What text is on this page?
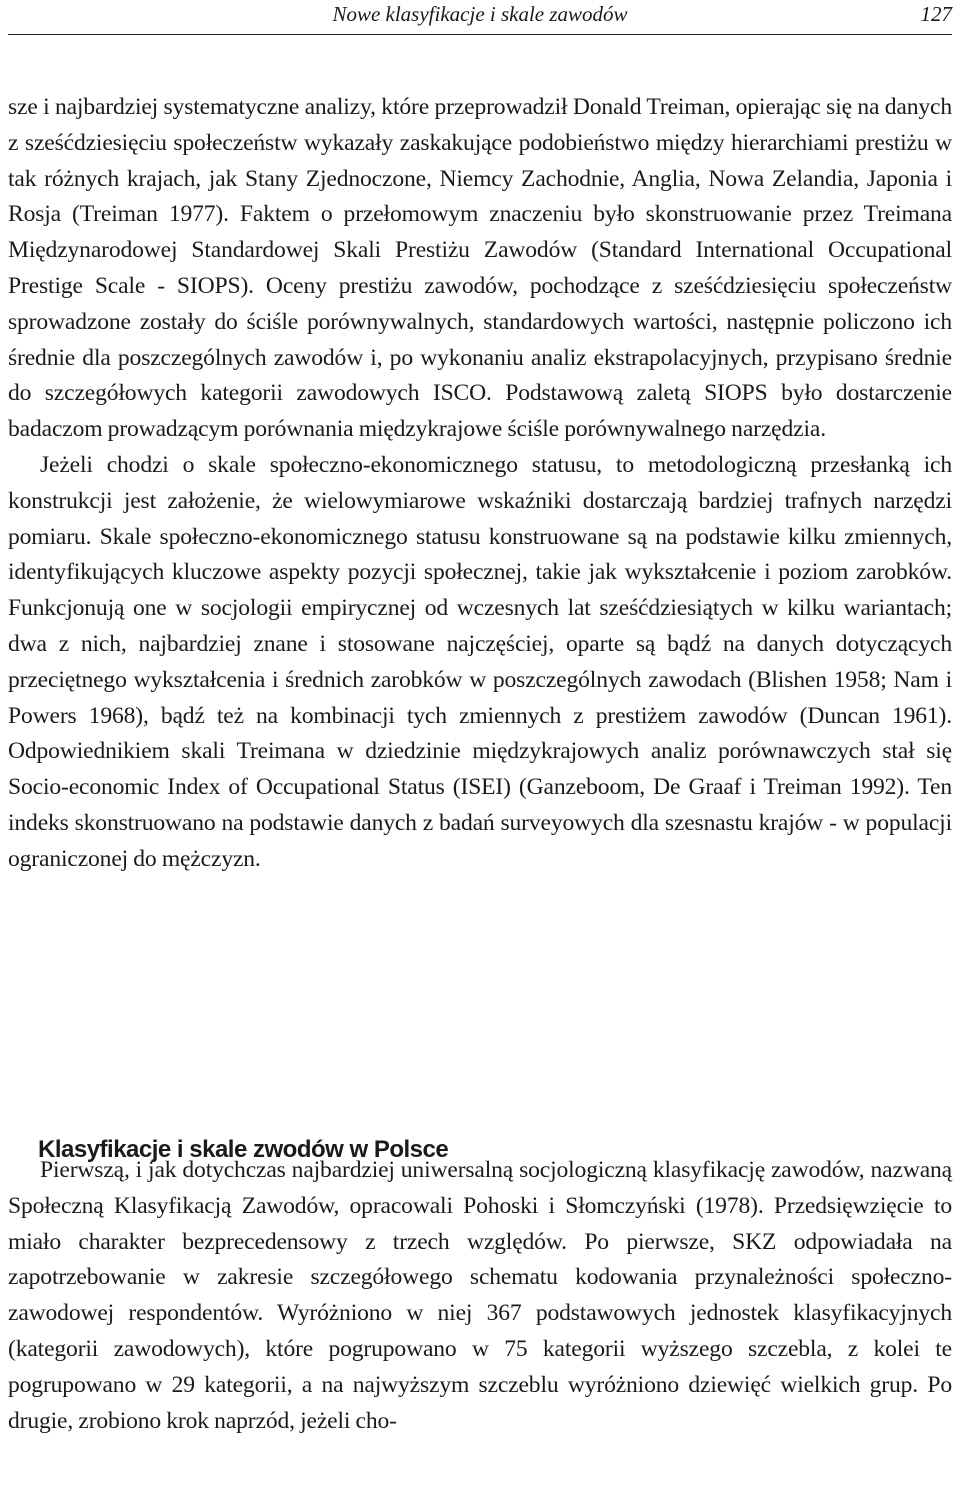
Nowe klasyfikacje i skale zawodów	127

sze i najbardziej systematyczne analizy, które przeprowadził Donald Treiman, opierając się na danych z sześćdziesięciu społeczeństw wykazały zaskakujące podobieństwo między hierarchiami prestiżu w tak różnych krajach, jak Stany Zjednoczone, Niemcy Zachodnie, Anglia, Nowa Zelandia, Japonia i Rosja (Treiman 1977). Faktem o przełomowym znaczeniu było skonstruowanie przez Treimana Międzynarodowej Standardowej Skali Prestiżu Zawodów (Standard International Occupational Prestige Scale - SIOPS). Oceny prestiżu zawodów, pochodzące z sześćdziesięciu społeczeństw sprowadzone zostały do ściśle porównywalnych, standardowych wartości, następnie policzono ich średnie dla poszczególnych zawodów i, po wykonaniu analiz ekstrapolacyjnych, przypisano średnie do szczegółowych kategorii zawodowych ISCO. Podstawową zaletą SIOPS było dostarczenie badaczom prowadzącym porównania międzykrajowe ściśle porównywalnego narzędzia.

Jeżeli chodzi o skale społeczno-ekonomicznego statusu, to metodologiczną przesłanką ich konstrukcji jest założenie, że wielowymiarowe wskaźniki dostarczają bardziej trafnych narzędzi pomiaru. Skale społeczno-ekonomicznego statusu konstruowane są na podstawie kilku zmiennych, identyfikujących kluczowe aspekty pozycji społecznej, takie jak wykształcenie i poziom zarobków. Funkcjonują one w socjologii empirycznej od wczesnych lat sześćdziesiątych w kilku wariantach; dwa z nich, najbardziej znane i stosowane najczęściej, oparte są bądź na danych dotyczących przeciętnego wykształcenia i średnich zarobków w poszczególnych zawodach (Blishen 1958; Nam i Powers 1968), bądź też na kombinacji tych zmiennych z prestiżem zawodów (Duncan 1961). Odpowiednikiem skali Treimana w dziedzinie międzykrajowych analiz porównawczych stał się Socio-economic Index of Occupational Status (ISEI) (Ganzeboom, De Graaf i Treiman 1992). Ten indeks skonstruowano na podstawie danych z badań surveyowych dla szesnastu krajów - w populacji ograniczonej do mężczyzn.

Klasyfikacje i skale zwodów w Polsce

Pierwszą, i jak dotychczas najbardziej uniwersalną socjologiczną klasyfikację zawodów, nazwaną Społeczną Klasyfikacją Zawodów, opracowali Pohoski i Słomczyński (1978). Przedsięwzięcie to miało charakter bezprecedensowy z trzech względów. Po pierwsze, SKZ odpowiadała na zapotrzebowanie w zakresie szczegółowego schematu kodowania przynależności społeczno-zawodowej respondentów. Wyróżniono w niej 367 podstawowych jednostek klasyfikacyjnych (kategorii zawodowych), które pogrupowano w 75 kategorii wyższego szczebla, z kolei te pogrupowano w 29 kategorii, a na najwyższym szczeblu wyróżniono dziewięć wielkich grup. Po drugie, zrobiono krok naprzód, jeżeli cho-
